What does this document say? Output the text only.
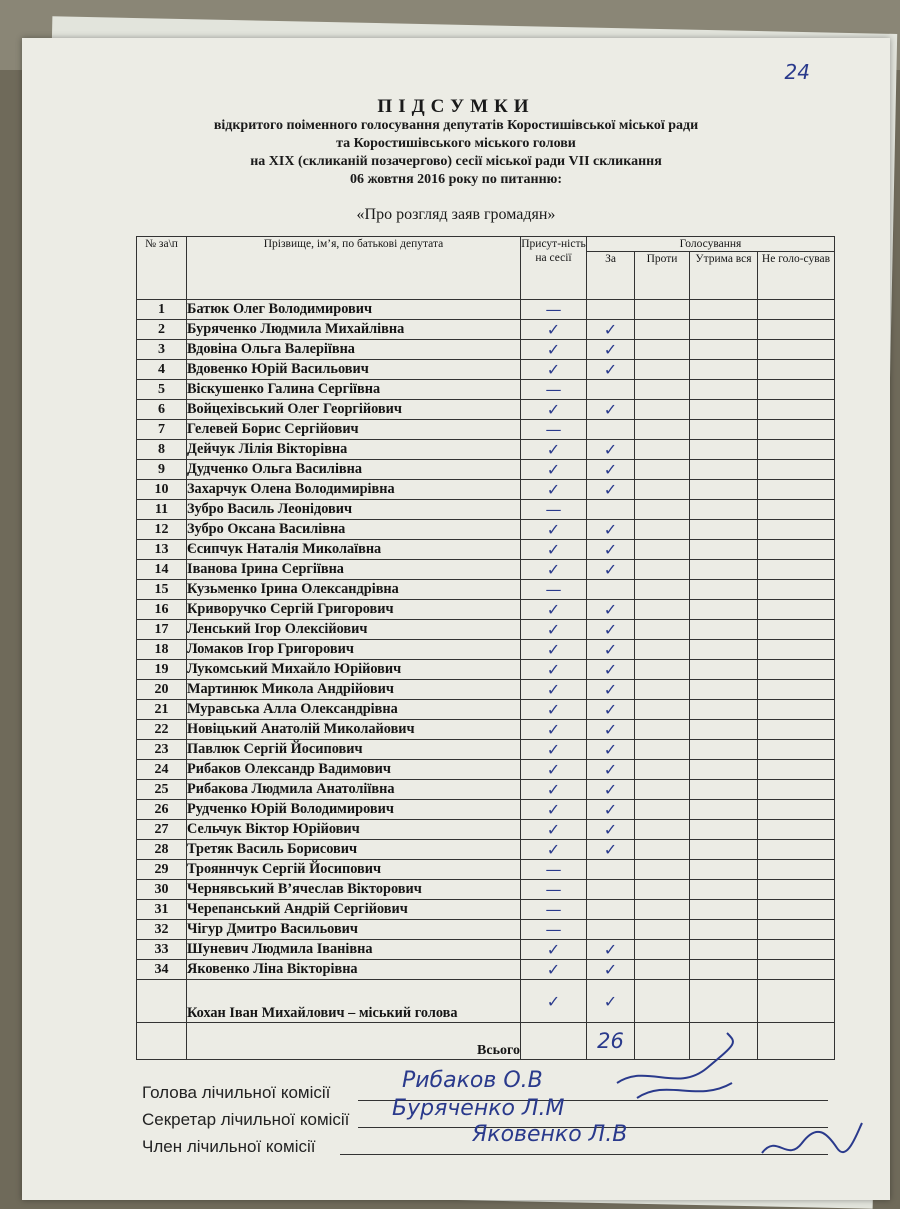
24
ПІДСУМКИ
відкритого поіменного голосування депутатів Коростишівської міської ради
та Коростишівського міського голови
на ХІХ (скликаній позачергово) сесії міської ради VII скликання
06 жовтня 2016 року по питанню:
«Про розгляд заяв громадян»
№ за\п	Прізвище, ім’я, по батькові депутата	Присут-ність на сесії	Голосування			
			За	Проти	Утрима вся	Не голо-сував
1	Батюк Олег Володимирович	—				
2	Буряченко Людмила Михайлівна	✓	✓			
3	Вдовіна Ольга Валеріївна	✓	✓			
4	Вдовенко Юрій Васильович	✓	✓			
5	Віскушенко Галина Сергіївна	—				
6	Войцехівський Олег Георгійович	✓	✓			
7	Гелевей Борис Сергійович	—				
8	Дейчук Лілія Вікторівна	✓	✓			
9	Дудченко Ольга Василівна	✓	✓			
10	Захарчук Олена Володимирівна	✓	✓			
11	Зубро Василь Леонідович	—				
12	Зубро Оксана Василівна	✓	✓			
13	Єсипчук Наталія Миколаївна	✓	✓			
14	Іванова Ірина Сергіївна	✓	✓			
15	Кузьменко Ірина Олександрівна	—				
16	Криворучко Сергій Григорович	✓	✓			
17	Ленський Ігор Олексійович	✓	✓			
18	Ломаков Ігор Григорович	✓	✓			
19	Лукомський Михайло Юрійович	✓	✓			
20	Мартинюк Микола Андрійович	✓	✓			
21	Муравська Алла Олександрівна	✓	✓			
22	Новіцький Анатолій Миколайович	✓	✓			
23	Павлюк Сергій Йосипович	✓	✓			
24	Рибаков Олександр Вадимович	✓	✓			
25	Рибакова Людмила Анатоліївна	✓	✓			
26	Рудченко Юрій Володимирович	✓	✓			
27	Сельчук Віктор Юрійович	✓	✓			
28	Третяк Василь Борисович	✓	✓			
29	Трояннчук Сергій Йосипович	—				
30	Чернявський В’ячеслав Вікторович	—				
31	Черепанський Андрій Сергійович	—				
32	Чігур Дмитро Васильович	—				
33	Шуневич Людмила Іванівна	✓	✓			
34	Яковенко Ліна Вікторівна	✓	✓			
	Кохан Іван Михайлович – міський голова	✓	✓			
	Всього		26			
Голова лічильної комісії	Рибаков О.В
Секретар лічильної комісії Буряченко Л.М
Член лічильної комісії	Яковенко Л.В
